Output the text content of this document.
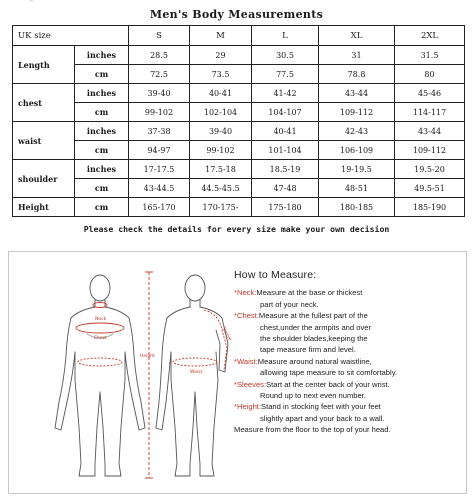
′′
Men's Body Measurements
UK size		S	M	L	XL	2XL
Length	inches	28.5	29	30.5	31	31.5
	cm	72.5	73.5	77.5	78.8	80
chest	inches	39-40	40-41	41-42	43-44	45-46
	cm	99-102	102-104	104-107	109-112	114-117
waist	inches	37-38	39-40	40-41	42-43	43-44
	cm	94-97	99-102	101-104	106-109	109-112
shoulder	inches	17-17.5	17.5-18	18.5-19	19-19.5	19.5-20
	cm	43-44.5	44.5-45.5	47-48	48-51	49.5-51
Height	cm	165-170	170-175-	175-180	180-185	185-190
Please check the details for every size make your own decision
Neck
Chest
Waist
Height
Sleeve
How to Measure:
*Neck:Measure at the base or thickest
part of your neck.
*Chest:Measure at the fullest part of the
chest,under the armpits and over
the shoulder blades,keeping the
tape measure firm and level.
*Waist:Measure around natural waistline,
allowing tape measure to sit comfortably.
*Sleeves:Start at the center back of your wrist.
Round up to next even number.
*Height:Stand in stocking feet with your feet
slightly apart and your back to a wall.
Measure from the floor to the top of your head.
